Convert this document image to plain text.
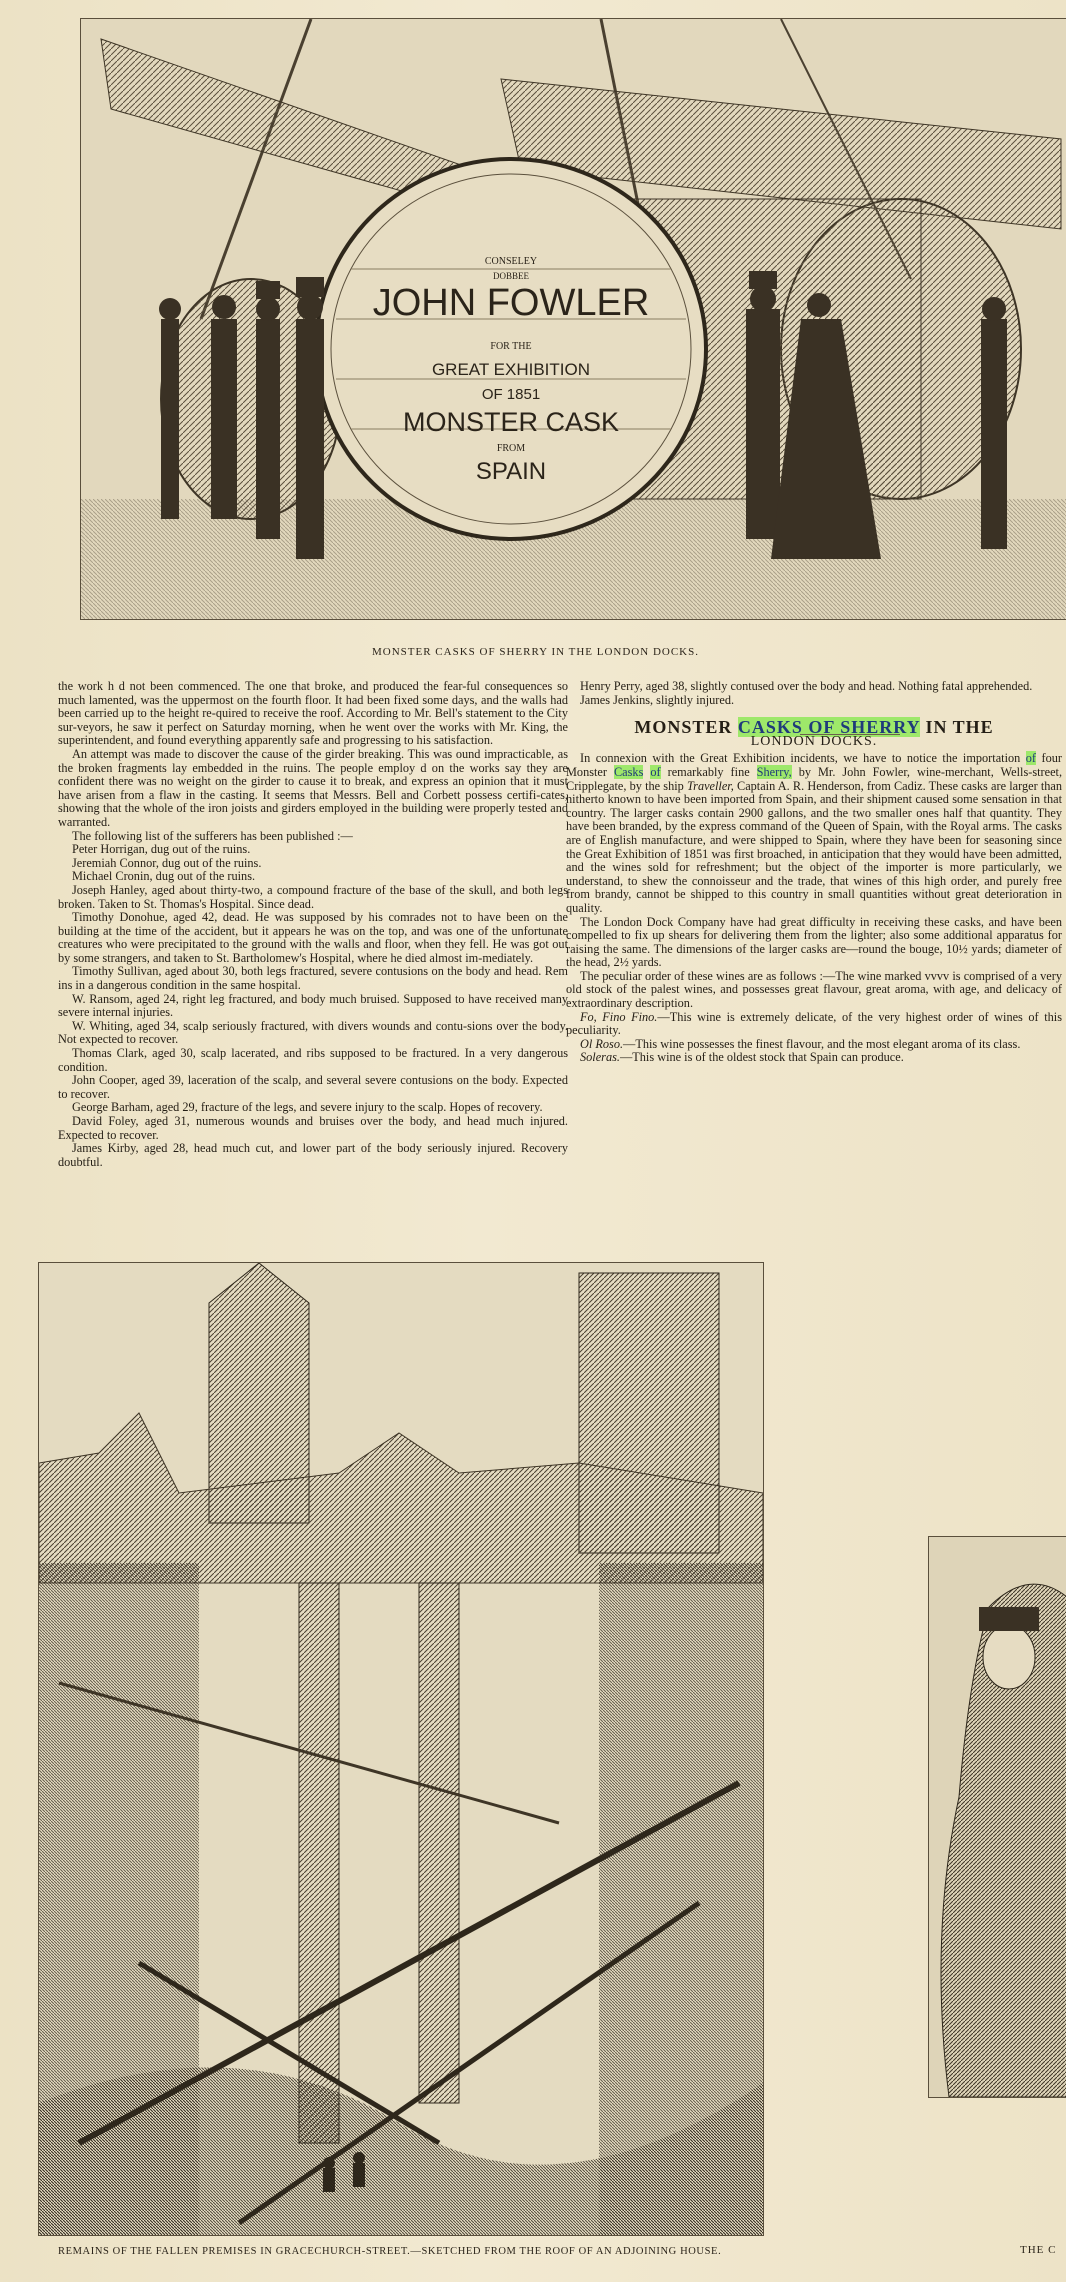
CONSELEY
DOBBEE
JOHN FOWLER
FOR THE
GREAT EXHIBITION
OF 1851
MONSTER CASK
FROM
SPAIN
MONSTER CASKS OF SHERRY IN THE LONDON DOCKS.

the work h d not been commenced. The one that broke, and produced the fear-ful consequences so much lamented, was the uppermost on the fourth floor. It had been fixed some days, and the walls had been carried up to the height re-quired to receive the roof. According to Mr. Bell's statement to the City sur-veyors, he saw it perfect on Saturday morning, when he went over the works with Mr. King, the superintendent, and found everything apparently safe and progressing to his satisfaction.

An attempt was made to discover the cause of the girder breaking. This was ound impracticable, as the broken fragments lay embedded in the ruins. The people employ d on the works say they are confident there was no weight on the girder to cause it to break, and express an opinion that it must have arisen from a flaw in the casting. It seems that Messrs. Bell and Corbett possess certifi-cates, showing that the whole of the iron joists and girders employed in the building were properly tested and warranted.

The following list of the sufferers has been published :—

Peter Horrigan, dug out of the ruins.

Jeremiah Connor, dug out of the ruins.

Michael Cronin, dug out of the ruins.

Joseph Hanley, aged about thirty-two, a compound fracture of the base of the skull, and both legs broken. Taken to St. Thomas's Hospital. Since dead.

Timothy Donohue, aged 42, dead. He was supposed by his comrades not to have been on the building at the time of the accident, but it appears he was on the top, and was one of the unfortunate creatures who were precipitated to the ground with the walls and floor, when they fell. He was got out by some strangers, and taken to St. Bartholomew's Hospital, where he died almost im-mediately.

Timothy Sullivan, aged about 30, both legs fractured, severe contusions on the body and head. Rem ins in a dangerous condition in the same hospital.

W. Ransom, aged 24, right leg fractured, and body much bruised. Supposed to have received many severe internal injuries.

W. Whiting, aged 34, scalp seriously fractured, with divers wounds and contu-sions over the body. Not expected to recover.

Thomas Clark, aged 30, scalp lacerated, and ribs supposed to be fractured. In a very dangerous condition.

John Cooper, aged 39, laceration of the scalp, and several severe contusions on the body. Expected to recover.

George Barham, aged 29, fracture of the legs, and severe injury to the scalp. Hopes of recovery.

David Foley, aged 31, numerous wounds and bruises over the body, and head much injured. Expected to recover.

James Kirby, aged 28, head much cut, and lower part of the body seriously injured. Recovery doubtful.

Henry Perry, aged 38, slightly contused over the body and head. Nothing fatal apprehended.

James Jenkins, slightly injured.

MONSTER CASKS OF SHERRY IN THE
LONDON DOCKS.

In connexion with the Great Exhibition incidents, we have to notice the importation of four Monster Casks of remarkably fine Sherry, by Mr. John Fowler, wine-merchant, Wells-street, Cripplegate, by the ship Traveller, Captain A. R. Henderson, from Cadiz. These casks are larger than hitherto known to have been imported from Spain, and their shipment caused some sensation in that country. The larger casks contain 2900 gallons, and the two smaller ones half that quantity. They have been branded, by the express command of the Queen of Spain, with the Royal arms. The casks are of English manufacture, and were shipped to Spain, where they have been for seasoning since the Great Exhibition of 1851 was first broached, in anticipation that they would have been admitted, and the wines sold for refreshment; but the object of the importer is more particularly, we understand, to shew the connoisseur and the trade, that wines of this high order, and purely free from brandy, cannot be shipped to this country in small quantities without great deterioration in quality.

The London Dock Company have had great difficulty in receiving these casks, and have been compelled to fix up shears for delivering them from the lighter; also some additional apparatus for raising the same. The dimensions of the larger casks are—round the bouge, 10½ yards; diameter of the head, 2½ yards.

The peculiar order of these wines are as follows :—The wine marked vvvv is comprised of a very old stock of the palest wines, and possesses great flavour, great aroma, with age, and delicacy of extraordinary description.

Fo, Fino Fino.—This wine is extremely delicate, of the very highest order of wines of this peculiarity.

Ol Roso.—This wine possesses the finest flavour, and the most elegant aroma of its class.

Soleras.—This wine is of the oldest stock that Spain can produce.

REMAINS OF THE FALLEN PREMISES IN GRACECHURCH-STREET.—SKETCHED FROM THE ROOF OF AN ADJOINING HOUSE.	THE C
